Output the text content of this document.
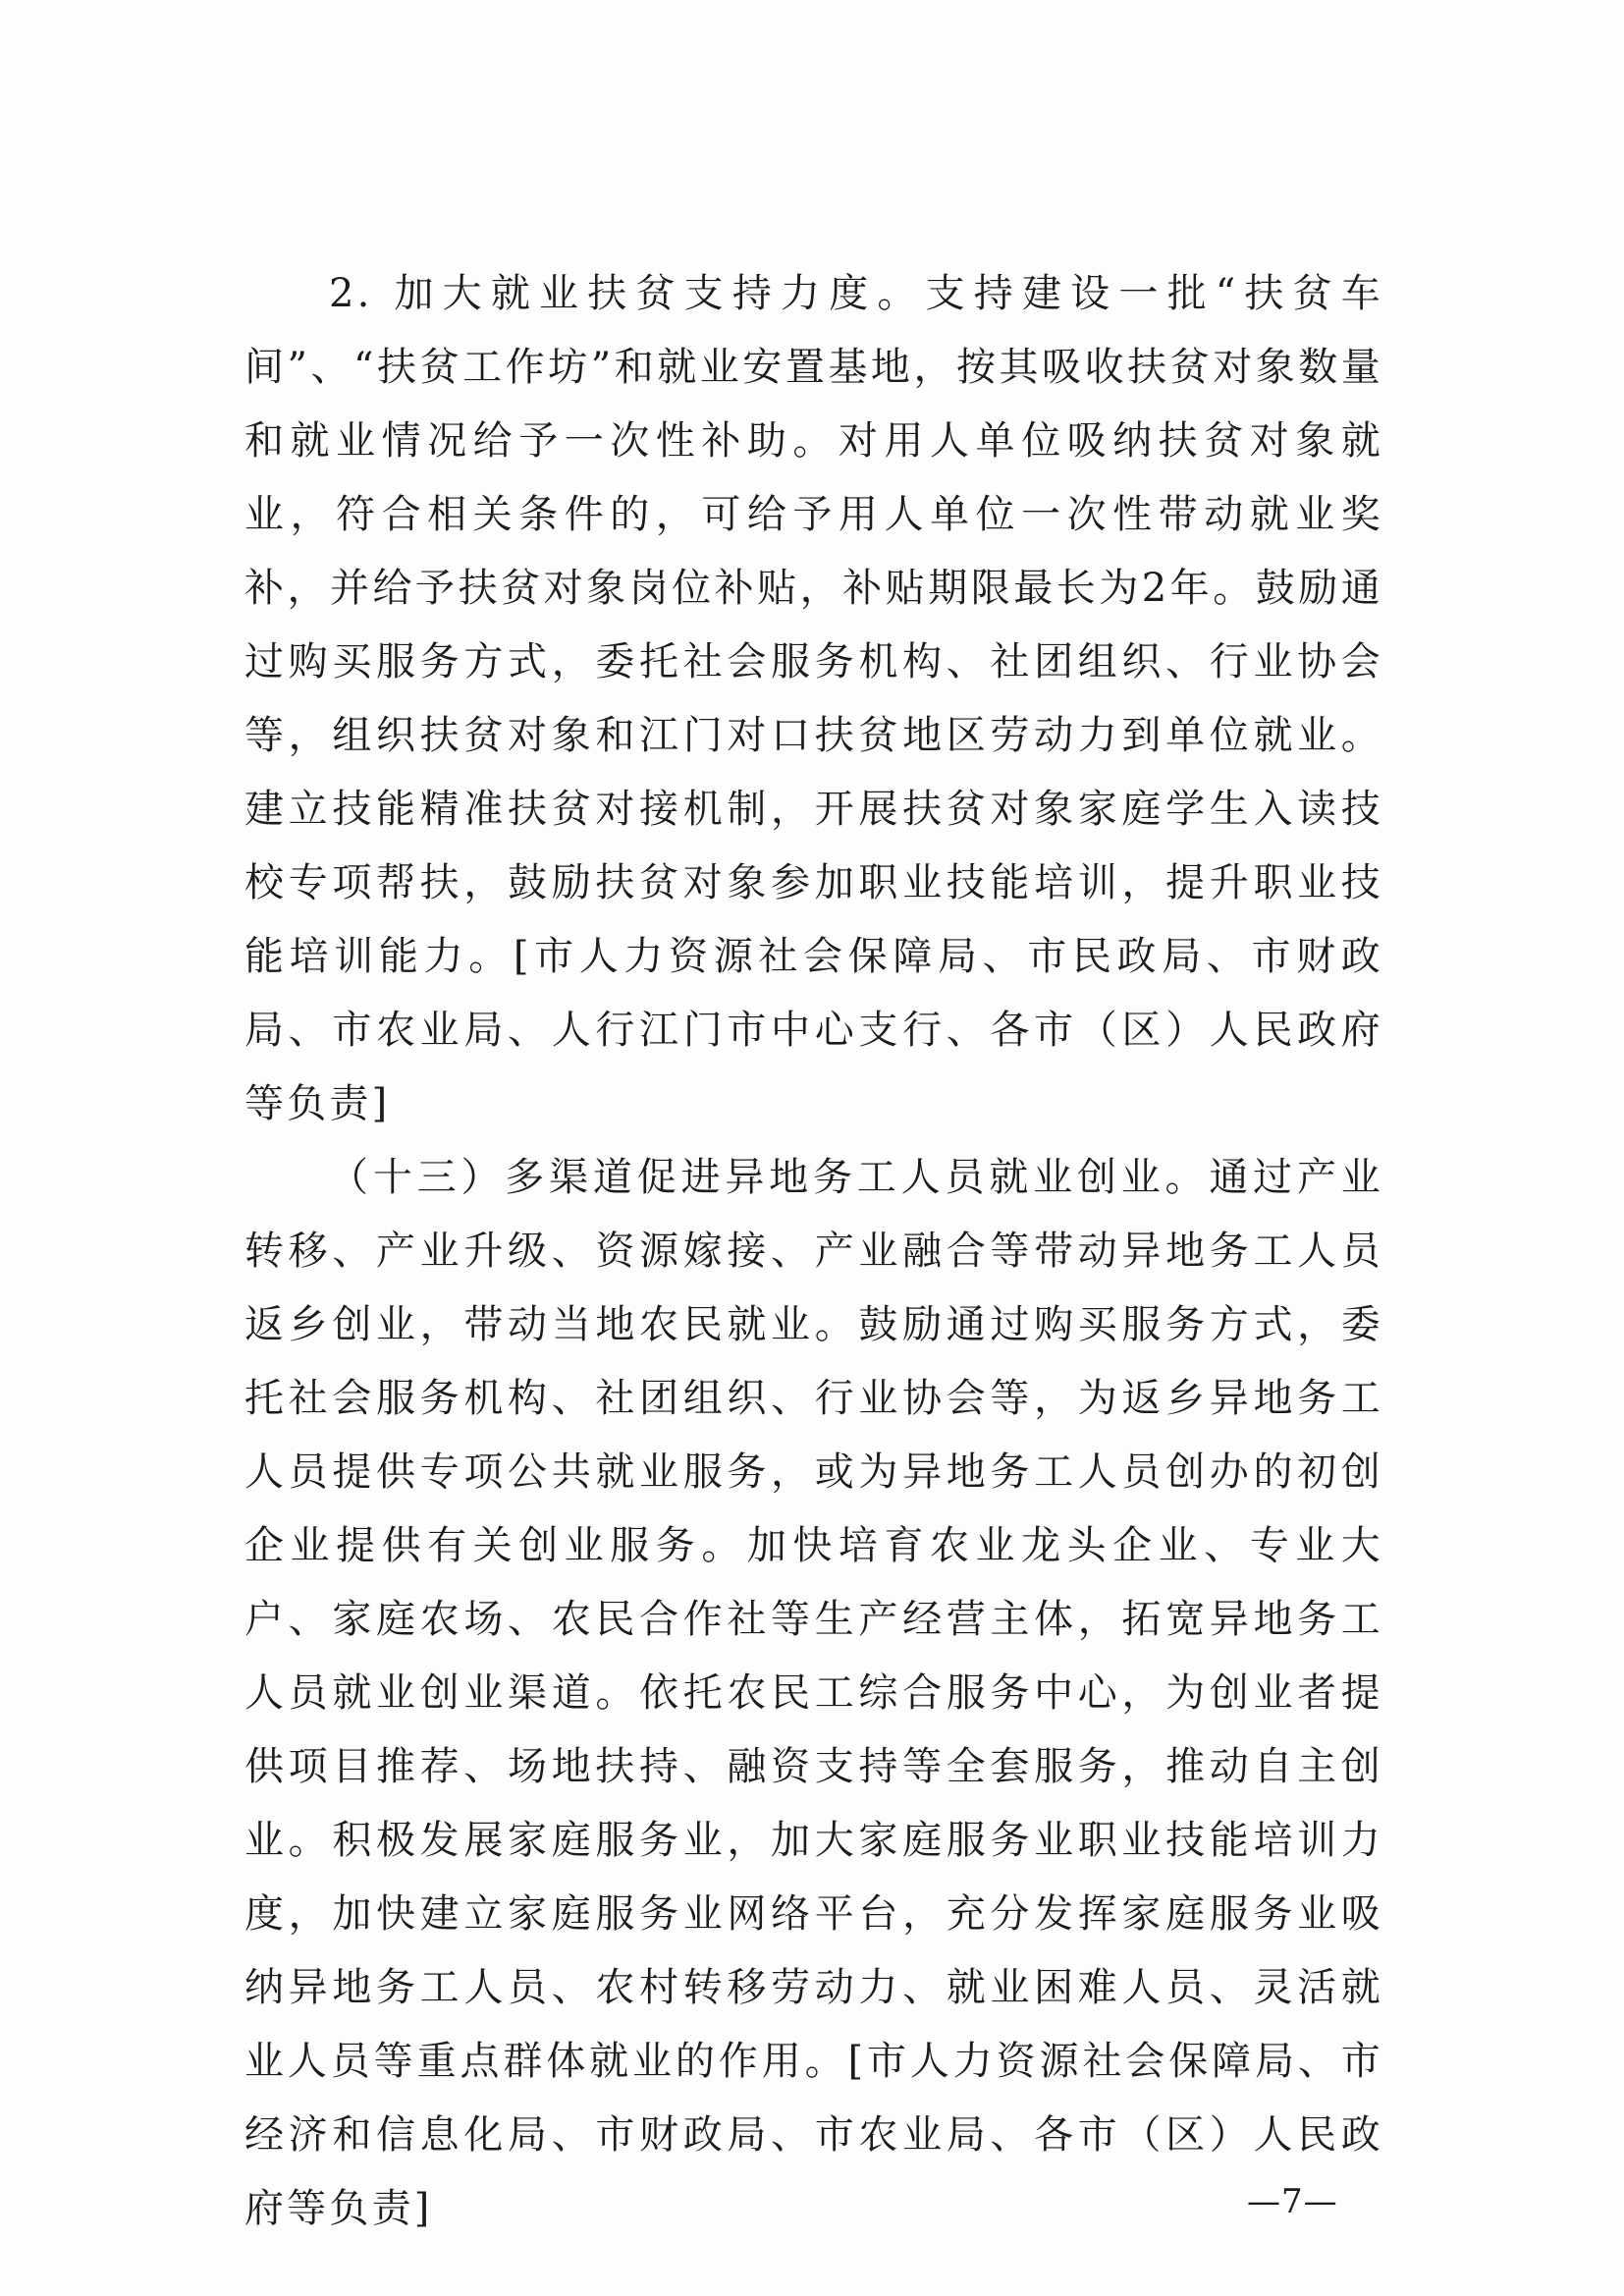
2. 加大就业扶贫支持力度。支持建设一批“扶贫车间”、“扶贫工作坊”和就业安置基地，按其吸收扶贫对象数量和就业情况给予一次性补助。对用人单位吸纳扶贫对象就业，符合相关条件的，可给予用人单位一次性带动就业奖补，并给予扶贫对象岗位补贴，补贴期限最长为2年。鼓励通过购买服务方式，委托社会服务机构、社团组织、行业协会等，组织扶贫对象和江门对口扶贫地区劳动力到单位就业。建立技能精准扶贫对接机制，开展扶贫对象家庭学生入读技校专项帮扶，鼓励扶贫对象参加职业技能培训，提升职业技能培训能力。[市人力资源社会保障局、市民政局、市财政局、市农业局、人行江门市中心支行、各市（区）人民政府等负责]

（十三）多渠道促进异地务工人员就业创业。通过产业转移、产业升级、资源嫁接、产业融合等带动异地务工人员返乡创业，带动当地农民就业。鼓励通过购买服务方式，委托社会服务机构、社团组织、行业协会等，为返乡异地务工人员提供专项公共就业服务，或为异地务工人员创办的初创企业提供有关创业服务。加快培育农业龙头企业、专业大户、家庭农场、农民合作社等生产经营主体，拓宽异地务工人员就业创业渠道。依托农民工综合服务中心，为创业者提供项目推荐、场地扶持、融资支持等全套服务，推动自主创业。积极发展家庭服务业，加大家庭服务业职业技能培训力度，加快建立家庭服务业网络平台，充分发挥家庭服务业吸纳异地务工人员、农村转移劳动力、就业困难人员、灵活就业人员等重点群体就业的作用。[市人力资源社会保障局、市经济和信息化局、市财政局、市农业局、各市（区）人民政府等负责]	—7—
